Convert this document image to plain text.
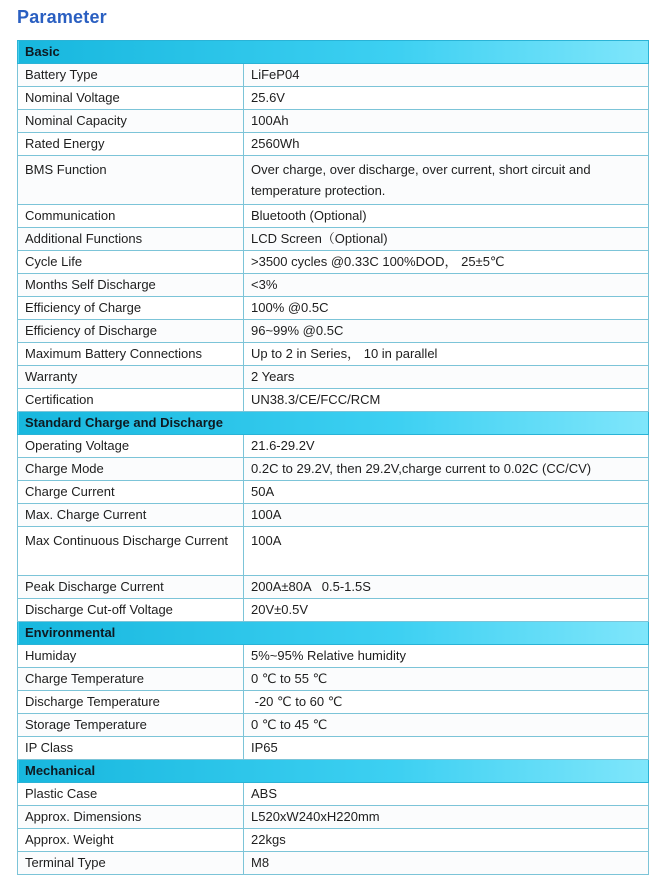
Parameter
Basic	
Battery Type	LiFeP04
Nominal Voltage	25.6V
Nominal Capacity	100Ah
Rated Energy	2560Wh
BMS Function	Over charge, over discharge, over current, short circuit and temperature protection.
Communication	Bluetooth (Optional)
Additional Functions	LCD Screen（Optional)
Cycle Life	>3500 cycles @0.33C 100%DOD， 25±5℃
Months Self Discharge	<3%
Efficiency of Charge	100% @0.5C
Efficiency of Discharge	96~99% @0.5C
Maximum Battery Connections	Up to 2 in Series， 10 in parallel
Warranty	2 Years
Certification	UN38.3/CE/FCC/RCM
Standard Charge and Discharge	
Operating Voltage	21.6-29.2V
Charge Mode	0.2C to 29.2V, then 29.2V,charge current to 0.02C (CC/CV)
Charge Current	50A
Max. Charge Current	100A
Max Continuous Discharge Current	100A
Peak Discharge Current	200A±80A   0.5-1.5S
Discharge Cut-off Voltage	20V±0.5V
Environmental	
Humiday	5%~95% Relative humidity
Charge Temperature	0 ℃ to 55 ℃
Discharge Temperature	-20 ℃ to 60 ℃
Storage Temperature	0 ℃ to 45 ℃
IP Class	IP65
Mechanical	
Plastic Case	ABS
Approx. Dimensions	L520xW240xH220mm
Approx. Weight	22kgs
Terminal Type	M8
